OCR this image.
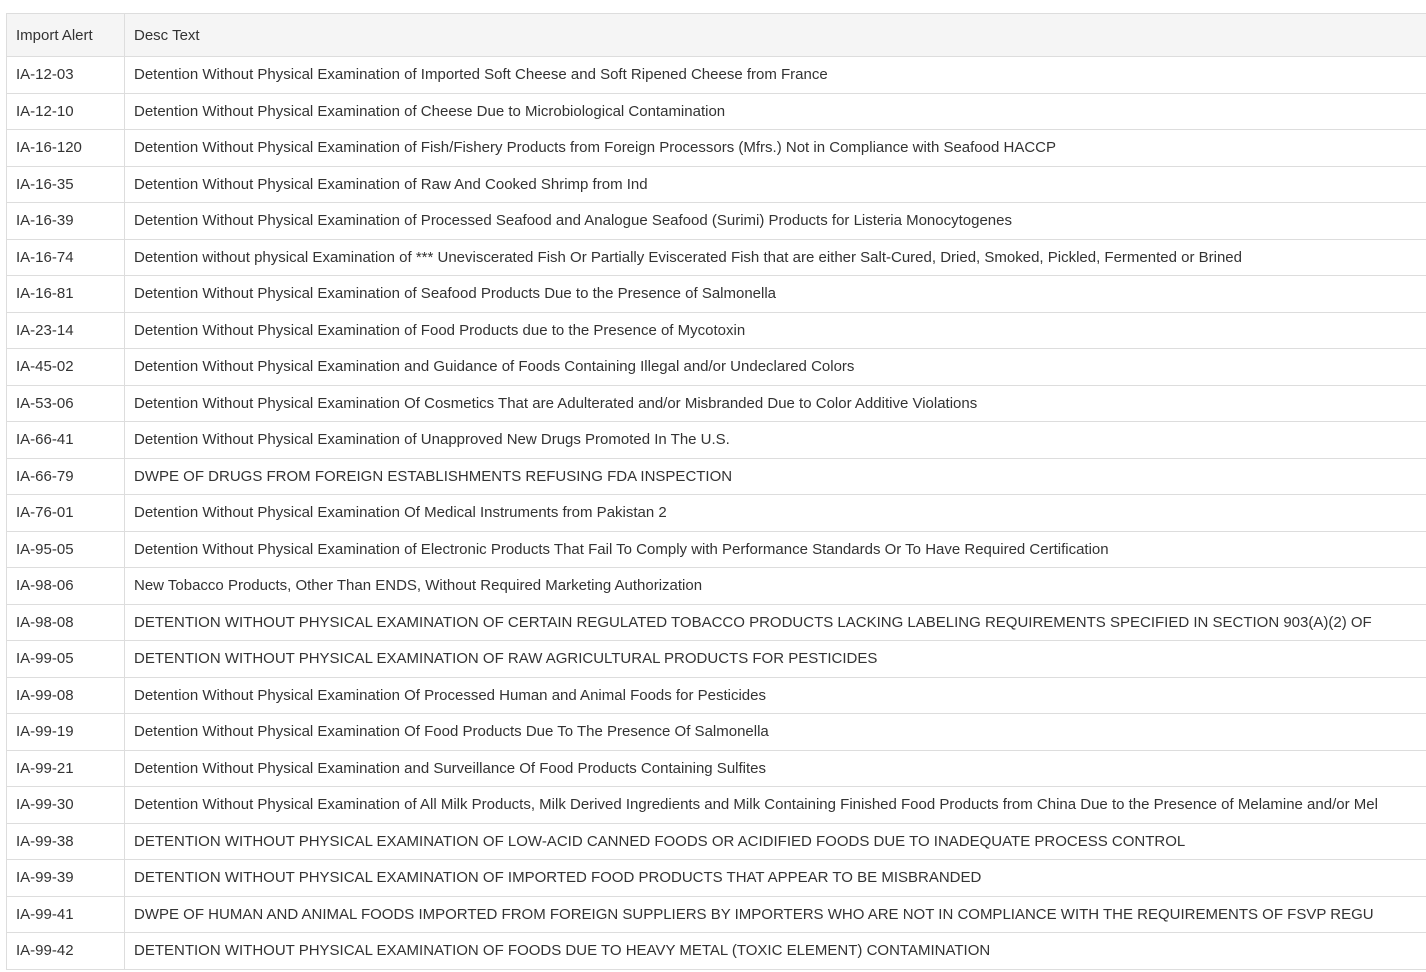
Import Alert	Desc Text
IA-12-03	Detention Without Physical Examination of Imported Soft Cheese and Soft Ripened Cheese from France
IA-12-10	Detention Without Physical Examination of Cheese Due to Microbiological Contamination
IA-16-120	Detention Without Physical Examination of Fish/Fishery Products from Foreign Processors (Mfrs.) Not in Compliance with Seafood HACCP
IA-16-35	Detention Without Physical Examination of Raw And Cooked Shrimp from Ind
IA-16-39	Detention Without Physical Examination of Processed Seafood and Analogue Seafood (Surimi) Products for Listeria Monocytogenes
IA-16-74	Detention without physical Examination of *** Uneviscerated Fish Or Partially Eviscerated Fish that are either Salt-Cured, Dried, Smoked, Pickled, Fermented or Brined
IA-16-81	Detention Without Physical Examination of Seafood Products Due to the Presence of Salmonella
IA-23-14	Detention Without Physical Examination of Food Products due to the Presence of Mycotoxin
IA-45-02	Detention Without Physical Examination and Guidance of Foods Containing Illegal and/or Undeclared Colors
IA-53-06	Detention Without Physical Examination Of Cosmetics That are Adulterated and/or Misbranded Due to Color Additive Violations
IA-66-41	Detention Without Physical Examination of Unapproved New Drugs Promoted In The U.S.
IA-66-79	DWPE OF DRUGS FROM FOREIGN ESTABLISHMENTS REFUSING FDA INSPECTION
IA-76-01	Detention Without Physical Examination Of Medical Instruments from Pakistan 2
IA-95-05	Detention Without Physical Examination of Electronic Products That Fail To Comply with Performance Standards Or To Have Required Certification
IA-98-06	New Tobacco Products, Other Than ENDS, Without Required Marketing Authorization
IA-98-08	DETENTION WITHOUT PHYSICAL EXAMINATION OF CERTAIN REGULATED TOBACCO PRODUCTS LACKING LABELING REQUIREMENTS SPECIFIED IN SECTION 903(A)(2) OF
IA-99-05	DETENTION WITHOUT PHYSICAL EXAMINATION OF RAW AGRICULTURAL PRODUCTS FOR PESTICIDES
IA-99-08	Detention Without Physical Examination Of Processed Human and Animal Foods for Pesticides
IA-99-19	Detention Without Physical Examination Of Food Products Due To The Presence Of Salmonella
IA-99-21	Detention Without Physical Examination and Surveillance Of Food Products Containing Sulfites
IA-99-30	Detention Without Physical Examination of All Milk Products, Milk Derived Ingredients and Milk Containing Finished Food Products from China Due to the Presence of Melamine and/or Mel
IA-99-38	DETENTION WITHOUT PHYSICAL EXAMINATION OF LOW-ACID CANNED FOODS OR ACIDIFIED FOODS DUE TO INADEQUATE PROCESS CONTROL
IA-99-39	DETENTION WITHOUT PHYSICAL EXAMINATION OF IMPORTED FOOD PRODUCTS THAT APPEAR TO BE MISBRANDED
IA-99-41	DWPE OF HUMAN AND ANIMAL FOODS IMPORTED FROM FOREIGN SUPPLIERS BY IMPORTERS WHO ARE NOT IN COMPLIANCE WITH THE REQUIREMENTS OF FSVP REGU
IA-99-42	DETENTION WITHOUT PHYSICAL EXAMINATION OF FOODS DUE TO HEAVY METAL (TOXIC ELEMENT) CONTAMINATION
